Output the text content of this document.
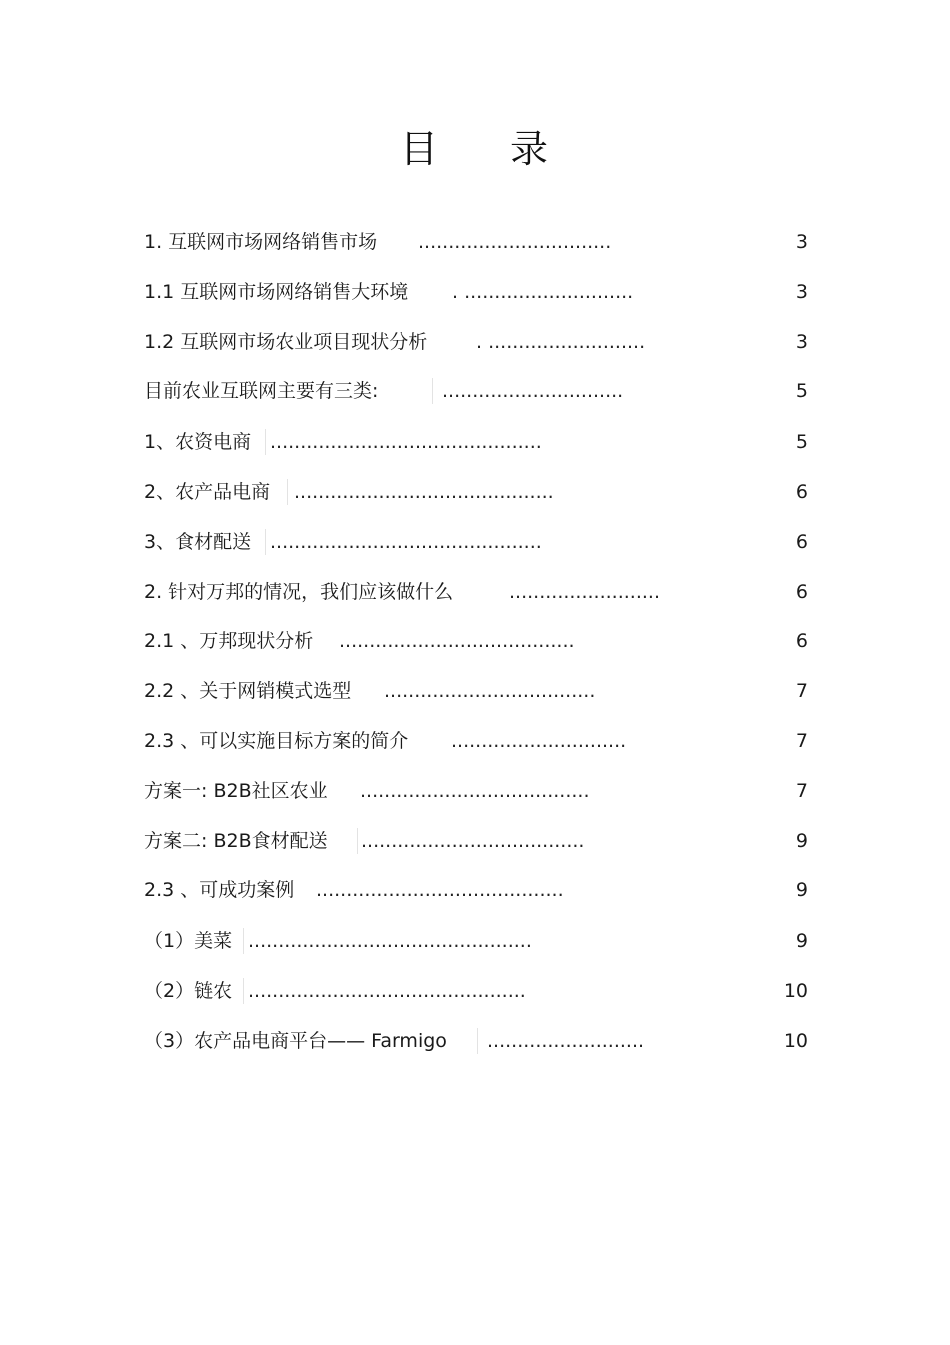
目 录
1. 互联网市场网络销售市场 ................................	3
1.1 互联网市场网络销售大环境 . ............................	3
1.2 互联网市场农业项目现状分析	. ..........................	3
目前农业互联网主要有三类:	..............................	5
1、农资电商 .............................................	5
2、农产品电商 ...........................................	6
3、食材配送 .............................................	6
2. 针对万邦的情况，我们应该做什么	.........................	6
2.1 、万邦现状分析 .......................................	6
2.2 、关于网销模式选型 ...................................	7
2.3 、可以实施目标方案的简介 .............................	7
方案一: B2B社区农业 ......................................	7
方案二: B2B食材配送 .....................................	9
2.3 、可成功案例 .........................................	9
（1）美菜 ...............................................	9
（2）链农 ..............................................	10
（3）农产品电商平台—— Farmigo ..........................	10
